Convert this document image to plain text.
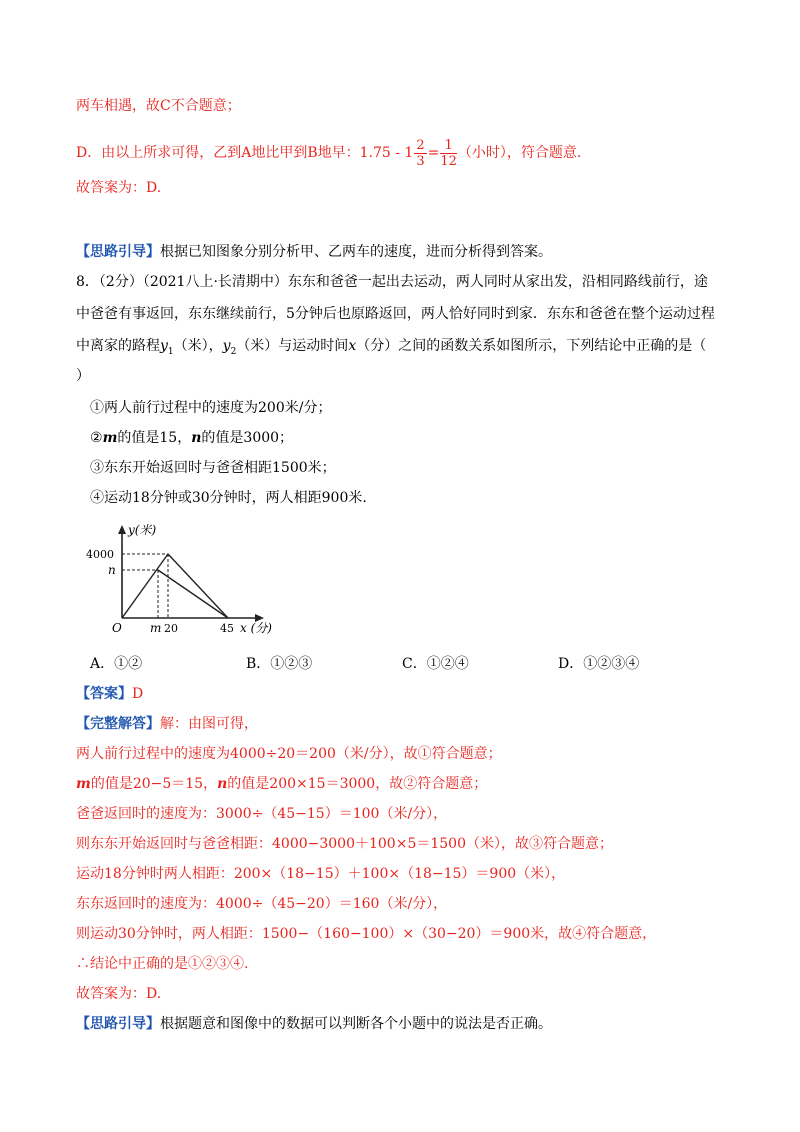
两车相遇，故C不合题意；
D．由以上所求可得，乙到A地比甲到B地早：$1.75 - 1 \frac{2}{3} = \frac{1}{12}$ （小时），符合题意.
故答案为：D.
【思路引导】根据已知图象分别分析甲、乙两车的速度，进而分析得到答案。
8．（2分）（2021八上·长清期中）东东和爸爸一起出去运动，两人同时从家出发，沿相同路线前行，途
中爸爸有事返回，东东继续前行，5分钟后也原路返回，两人恰好同时到家．东东和爸爸在整个运动过程
中离家的路程$y_1$（米），$y_2$（米）与运动时间x（分）之间的函数关系如图所示，下列结论中正确的是（
）
①两人前行过程中的速度为200米/分；
②m的值是15，n的值是3000；
③东东开始返回时与爸爸相距1500米；
④运动18分钟或30分钟时，两人相距900米.
y(米)
4000
n
O m 20	45 x (分)
A．①②	B．①②③	C．①②④	D．①②③④
【答案】D
【完整解答】解：由图可得，
两人前行过程中的速度为4000÷20＝200（米/分），故①符合题意；
m的值是20−5＝15，n的值是200×15＝3000，故②符合题意；
爸爸返回时的速度为：3000÷（45−15）＝100（米/分），
则东东开始返回时与爸爸相距：4000−3000＋100×5＝1500（米），故③符合题意；
运动18分钟时两人相距：200×（18−15）＋100×（18−15）＝900（米），
东东返回时的速度为：4000÷（45−20）＝160（米/分），
则运动30分钟时，两人相距：1500−（160−100）×（30−20）＝900米，故④符合题意，
∴结论中正确的是①②③④.
故答案为：D.
【思路引导】根据题意和图像中的数据可以判断各个小题中的说法是否正确。
